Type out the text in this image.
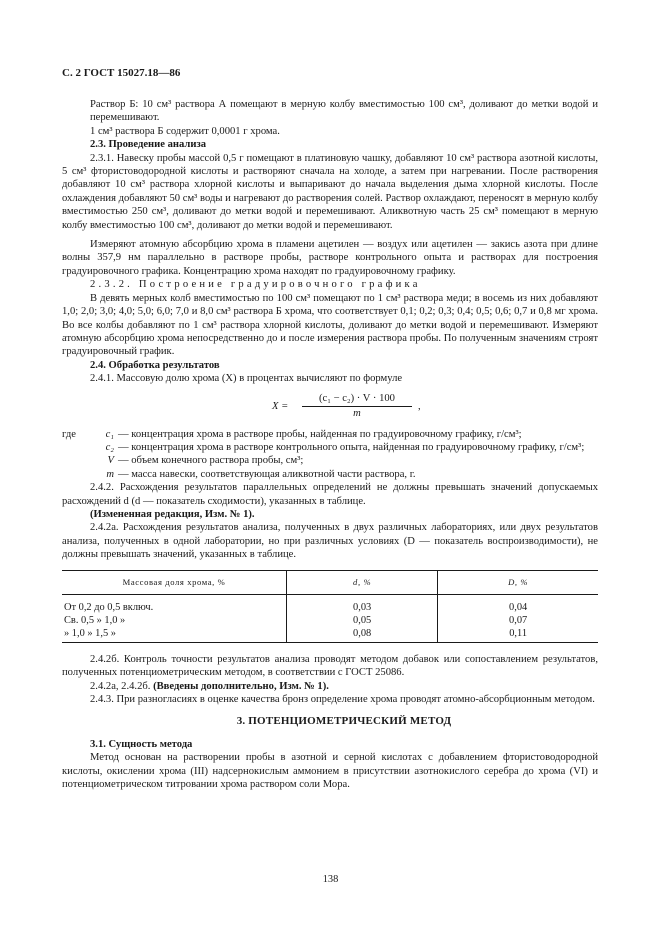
С. 2 ГОСТ 15027.18—86

Раствор Б: 10 см³ раствора А помещают в мерную колбу вместимостью 100 см³, доливают до метки водой и перемешивают.

1 см³ раствора Б содержит 0,0001 г хрома.

2.3. Проведение анализа

2.3.1. Навеску пробы массой 0,5 г помещают в платиновую чашку, добавляют 10 см³ раствора азотной кислоты, 5 см³ фтористоводородной кислоты и растворяют сначала на холоде, а затем при нагревании. После растворения добавляют 10 см³ раствора хлорной кислоты и выпаривают до начала выделения дыма хлорной кислоты. После охлаждения добавляют 50 см³ воды и нагревают до растворения солей. Раствор охлаждают, переносят в мерную колбу вместимостью 250 см³, доливают до метки водой и перемешивают. Аликвотную часть 25 см³ помещают в мерную колбу вместимостью 100 см³, доливают до метки водой и перемешивают.

Измеряют атомную абсорбцию хрома в пламени ацетилен — воздух или ацетилен — закись азота при длине волны 357,9 нм параллельно в растворе пробы, растворе контрольного опыта и растворах для построения градуировочного графика. Концентрацию хрома находят по градуировочному графику.

2.3.2. Построение градуировочного графика

В девять мерных колб вместимостью по 100 см³ помещают по 1 см³ раствора меди; в восемь из них добавляют 1,0; 2,0; 3,0; 4,0; 5,0; 6,0; 7,0 и 8,0 см³ раствора Б хрома, что соответствует 0,1; 0,2; 0,3; 0,4; 0,5; 0,6; 0,7 и 0,8 мг хрома. Во все колбы добавляют по 1 см³ раствора хлорной кислоты, доливают до метки водой и перемешивают. Измеряют атомную абсорбцию хрома непосредственно до и после измерения раствора пробы. По полученным значениям строят градуировочный график.

2.4. Обработка результатов

2.4.1. Массовую долю хрома (X) в процентах вычисляют по формуле

$X = \frac{\text{(c₁ − c₂) · V · 100}}{m}$ ,
где	c₁ — концентрация хрома в растворе пробы, найденная по градуировочному графику, г/см³;
c₂ — концентрация хрома в растворе контрольного опыта, найденная по градуировочному графику, г/см³;
V — объем конечного раствора пробы, см³;
m — масса навески, соответствующая аликвотной части раствора, г.

2.4.2. Расхождения результатов параллельных определений не должны превышать значений допускаемых расхождений d (d — показатель сходимости), указанных в таблице.

(Измененная редакция, Изм. № 1).

2.4.2а. Расхождения результатов анализа, полученных в двух различных лабораториях, или двух результатов анализа, полученных в одной лаборатории, но при различных условиях (D — показатель воспроизводимости), не должны превышать значений, указанных в таблице.

Массовая доля хрома, %	d, %	D, %
От 0,2 до 0,5 включ.	0,03	0,04
Св. 0,5 » 1,0 »	0,05	0,07
» 1,0 » 1,5 »	0,08	0,11

2.4.2б. Контроль точности результатов анализа проводят методом добавок или сопоставлением результатов, полученных потенциометрическим методом, в соответствии с ГОСТ 25086.

2.4.2а, 2.4.2б. (Введены дополнительно, Изм. № 1).

2.4.3. При разногласиях в оценке качества бронз определение хрома проводят атомно-абсорбционным методом.

3. ПОТЕНЦИОМЕТРИЧЕСКИЙ МЕТОД

3.1. Сущность метода

Метод основан на растворении пробы в азотной и серной кислотах с добавлением фтористоводородной кислоты, окислении хрома (III) надсернокислым аммонием в присутствии азотнокислого серебра до хрома (VI) и потенциометрическом титровании хрома раствором соли Мора.

138
